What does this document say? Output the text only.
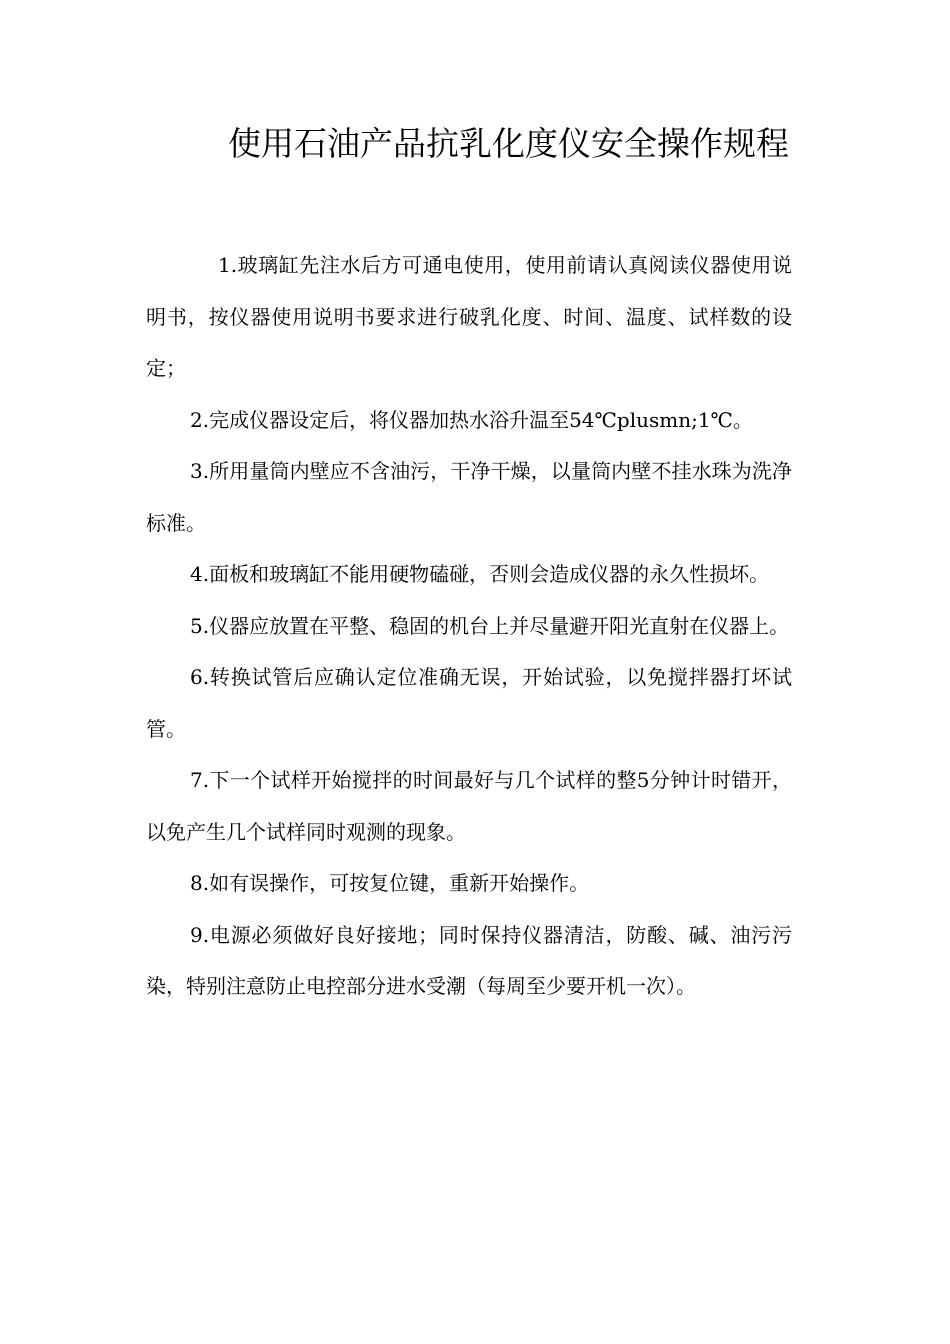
使用石油产品抗乳化度仪安全操作规程

1.玻璃缸先注水后方可通电使用，使用前请认真阅读仪器使用说明书，按仪器使用说明书要求进行破乳化度、时间、温度、试样数的设定；

2.完成仪器设定后，将仪器加热水浴升温至54℃plusmn;1℃。

3.所用量筒内壁应不含油污，干净干燥，以量筒内壁不挂水珠为洗净标准。

4.面板和玻璃缸不能用硬物磕碰，否则会造成仪器的永久性损坏。

5.仪器应放置在平整、稳固的机台上并尽量避开阳光直射在仪器上。

6.转换试管后应确认定位准确无误，开始试验，以免搅拌器打坏试管。

7.下一个试样开始搅拌的时间最好与几个试样的整5分钟计时错开，以免产生几个试样同时观测的现象。

8.如有误操作，可按复位键，重新开始操作。

9.电源必须做好良好接地；同时保持仪器清洁，防酸、碱、油污污染，特别注意防止电控部分进水受潮（每周至少要开机一次）。
